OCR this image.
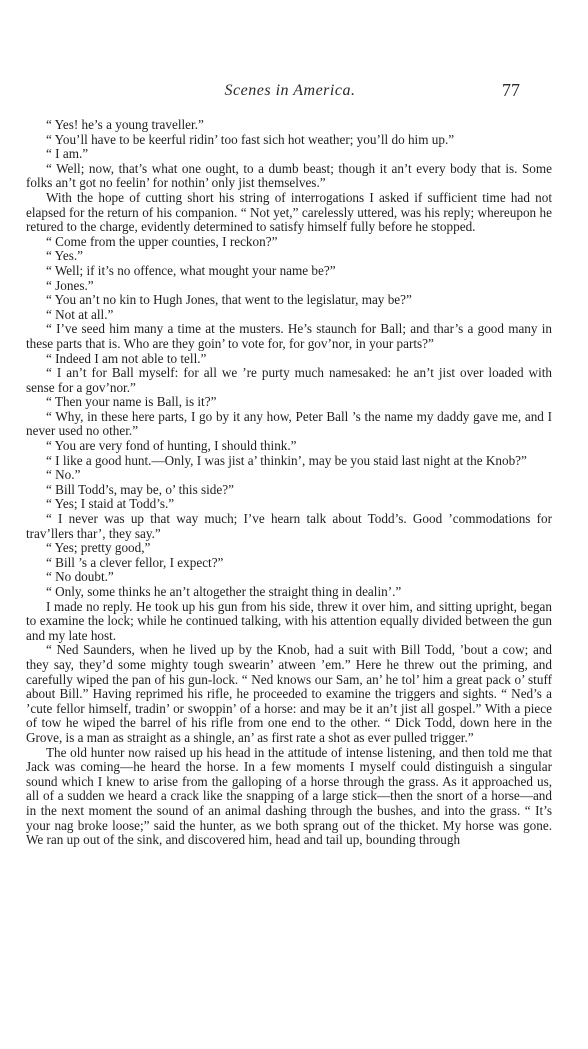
Scenes in America.	77

“ Yes! he’s a young traveller.”

“ You’ll have to be keerful ridin’ too fast sich hot weather; you’ll do him up.”

“ I am.”

“ Well; now, that’s what one ought, to a dumb beast; though it an’t every body that is. Some folks an’t got no feelin’ for nothin’ only jist themselves.”

With the hope of cutting short his string of interrogations I asked if sufficient time had not elapsed for the return of his companion. “ Not yet,” carelessly uttered, was his reply; whereupon he retured to the charge, evidently determined to satisfy himself fully before he stopped.

“ Come from the upper counties, I reckon?”

“ Yes.”

“ Well; if it’s no offence, what mought your name be?”

“ Jones.”

“ You an’t no kin to Hugh Jones, that went to the legislatur, may be?”

“ Not at all.”

“ I’ve seed him many a time at the musters. He’s staunch for Ball; and thar’s a good many in these parts that is. Who are they goin’ to vote for, for gov’nor, in your parts?”

“ Indeed I am not able to tell.”

“ I an’t for Ball myself: for all we ’re purty much namesaked: he an’t jist over loaded with sense for a gov’nor.”

“ Then your name is Ball, is it?”

“ Why, in these here parts, I go by it any how, Peter Ball ’s the name my daddy gave me, and I never used no other.”

“ You are very fond of hunting, I should think.”

“ I like a good hunt.—Only, I was jist a’ thinkin’, may be you staid last night at the Knob?”

“ No.”

“ Bill Todd’s, may be, o’ this side?”

“ Yes; I staid at Todd’s.”

“ I never was up that way much; I’ve hearn talk about Todd’s. Good ’commodations for trav’llers thar’, they say.”

“ Yes; pretty good,”

“ Bill ’s a clever fellor, I expect?”

“ No doubt.”

“ Only, some thinks he an’t altogether the straight thing in dealin’.”

I made no reply. He took up his gun from his side, threw it over him, and sitting upright, began to examine the lock; while he continued talking, with his attention equally divided between the gun and my late host.

“ Ned Saunders, when he lived up by the Knob, had a suit with Bill Todd, ’bout a cow; and they say, they’d some mighty tough swearin’ atween ’em.” Here he threw out the priming, and carefully wiped the pan of his gun-lock. “ Ned knows our Sam, an’ he tol’ him a great pack o’ stuff about Bill.” Having reprimed his rifle, he proceeded to examine the triggers and sights. “ Ned’s a ’cute fellor himself, tradin’ or swoppin’ of a horse: and may be it an’t jist all gospel.” With a piece of tow he wiped the barrel of his rifle from one end to the other. “ Dick Todd, down here in the Grove, is a man as straight as a shingle, an’ as first rate a shot as ever pulled trigger.”

The old hunter now raised up his head in the attitude of intense listening, and then told me that Jack was coming—he heard the horse. In a few moments I myself could distinguish a singular sound which I knew to arise from the galloping of a horse through the grass. As it approached us, all of a sudden we heard a crack like the snapping of a large stick—then the snort of a horse—and in the next moment the sound of an animal dashing through the bushes, and into the grass. “ It’s your nag broke loose;” said the hunter, as we both sprang out of the thicket. My horse was gone. We ran up out of the sink, and discovered him, head and tail up, bounding through
